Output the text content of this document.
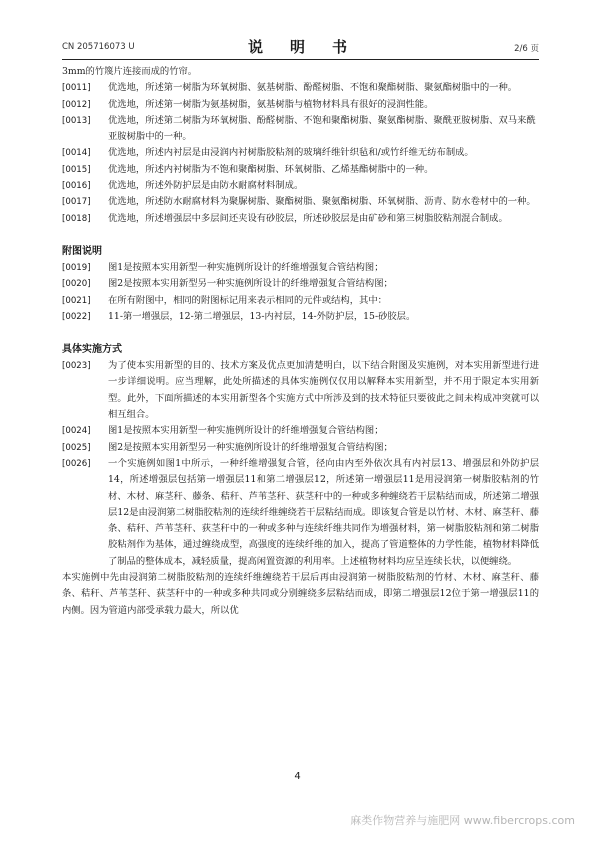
CN 205716073 U	说　明　书	2/6 页

3mm的竹篾片连接而成的竹帘。

[0011] 优选地，所述第一树脂为环氧树脂、氨基树脂、酚醛树脂、不饱和聚酯树脂、聚氨酯树脂中的一种。

[0012] 优选地，所述第一树脂为氨基树脂，氨基树脂与植物材料具有很好的浸润性能。

[0013] 优选地，所述第二树脂为环氧树脂、酚醛树脂、不饱和聚酯树脂、聚氨酯树脂、聚酰亚胺树脂、双马来酰亚胺树脂中的一种。

[0014] 优选地，所述内衬层是由浸润内衬树脂胶粘剂的玻璃纤维针织毡和/或竹纤维无纺布制成。

[0015] 优选地，所述内衬树脂为不饱和聚酯树脂、环氧树脂、乙烯基酯树脂中的一种。

[0016] 优选地，所述外防护层是由防水耐腐材料制成。

[0017] 优选地，所述防水耐腐材料为聚脲树脂、聚酯树脂、聚氨酯树脂、环氧树脂、沥青、防水卷材中的一种。

[0018] 优选地，所述增强层中多层间还夹设有砂胶层，所述砂胶层是由矿砂和第三树脂胶粘剂混合制成。

附图说明

[0019] 图1是按照本实用新型一种实施例所设计的纤维增强复合管结构图；

[0020] 图2是按照本实用新型另一种实施例所设计的纤维增强复合管结构图；

[0021] 在所有附图中，相同的附图标记用来表示相同的元件或结构，其中：

[0022] 11-第一增强层，12-第二增强层，13-内衬层，14-外防护层，15-砂胶层。

具体实施方式

[0023] 为了使本实用新型的目的、技术方案及优点更加清楚明白，以下结合附图及实施例，对本实用新型进行进一步详细说明。应当理解，此处所描述的具体实施例仅仅用以解释本实用新型，并不用于限定本实用新型。此外，下面所描述的本实用新型各个实施方式中所涉及到的技术特征只要彼此之间未构成冲突就可以相互组合。

[0024] 图1是按照本实用新型一种实施例所设计的纤维增强复合管结构图；

[0025] 图2是按照本实用新型另一种实施例所设计的纤维增强复合管结构图；

[0026] 一个实施例如图1中所示，一种纤维增强复合管，径向由内至外依次具有内衬层13、增强层和外防护层14，所述增强层包括第一增强层11和第二增强层12，所述第一增强层11是用浸润第一树脂胶粘剂的竹材、木材、麻茎秆、藤条、秸秆、芦苇茎秆、荻茎秆中的一种或多种缠绕若干层粘结而成，所述第二增强层12是由浸润第二树脂胶粘剂的连续纤维缠绕若干层粘结而成。即该复合管是以竹材、木材、麻茎秆、藤条、秸秆、芦苇茎秆、荻茎秆中的一种或多种与连续纤维共同作为增强材料，第一树脂胶粘剂和第二树脂胶粘剂作为基体，通过缠绕成型，高强度的连续纤维的加入，提高了管道整体的力学性能，植物材料降低了制品的整体成本，减轻质量，提高闲置资源的利用率。上述植物材料均应呈连续长状，以便缠绕。

本实施例中先由浸润第二树脂胶粘剂的连续纤维缠绕若干层后再由浸润第一树脂胶粘剂的竹材、木材、麻茎秆、藤条、秸秆、芦苇茎秆、荻茎秆中的一种或多种共同或分别缠绕多层粘结而成，即第二增强层12位于第一增强层11的内侧。因为管道内部受承载力最大，所以优

4
麻类作物营养与施肥网 www.fibercrops.com
